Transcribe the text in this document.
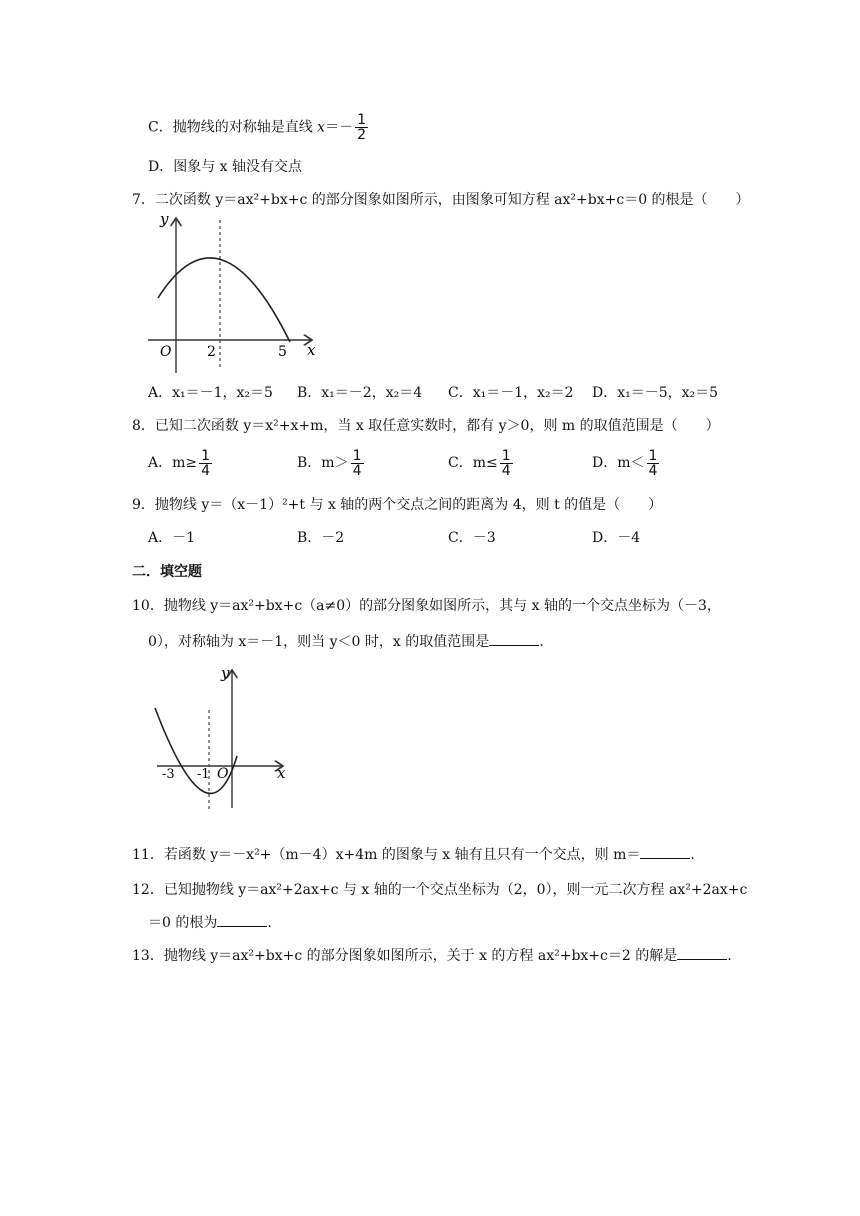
C．抛物线的对称轴是直线 $x=- \frac{1}{2}$
D．图象与 x 轴没有交点
7．二次函数 y＝ax²+bx+c 的部分图象如图所示，由图象可知方程 ax²+bx+c＝0 的根是（　　）
y
x
O	2	5
A．x₁＝－1，x₂＝5 B．x₁＝－2，x₂＝4 C．x₁＝－1，x₂＝2 D．x₁＝－5，x₂＝5
8．已知二次函数 y＝x²+x+m，当 x 取任意实数时，都有 y＞0，则 m 的取值范围是（　　）
A．$m\ge \frac{1}{4}$	B．$m> \frac{1}{4}$	C．$m\le \frac{1}{4}$	D．$m< \frac{1}{4}$
9．抛物线 y＝（x－1）²+t 与 x 轴的两个交点之间的距离为 4，则 t 的值是（　　）
A．－1	B．－2	C．－3	D．－4
二．填空题
10．抛物线 y＝ax²+bx+c（a≠0）的部分图象如图所示，其与 x 轴的一个交点坐标为（－3，
0），对称轴为 x＝－1，则当 y＜0 时，x 的取值范围是	.
y
x
O
-3 -1
11．若函数 y＝－x²+（m－4）x+4m 的图象与 x 轴有且只有一个交点，则 m＝	.
12．已知抛物线 y＝ax²+2ax+c 与 x 轴的一个交点坐标为（2，0），则一元二次方程 ax²+2ax+c
＝0 的根为	.
13．抛物线 y＝ax²+bx+c 的部分图象如图所示，关于 x 的方程 ax²+bx+c＝2 的解是	.
